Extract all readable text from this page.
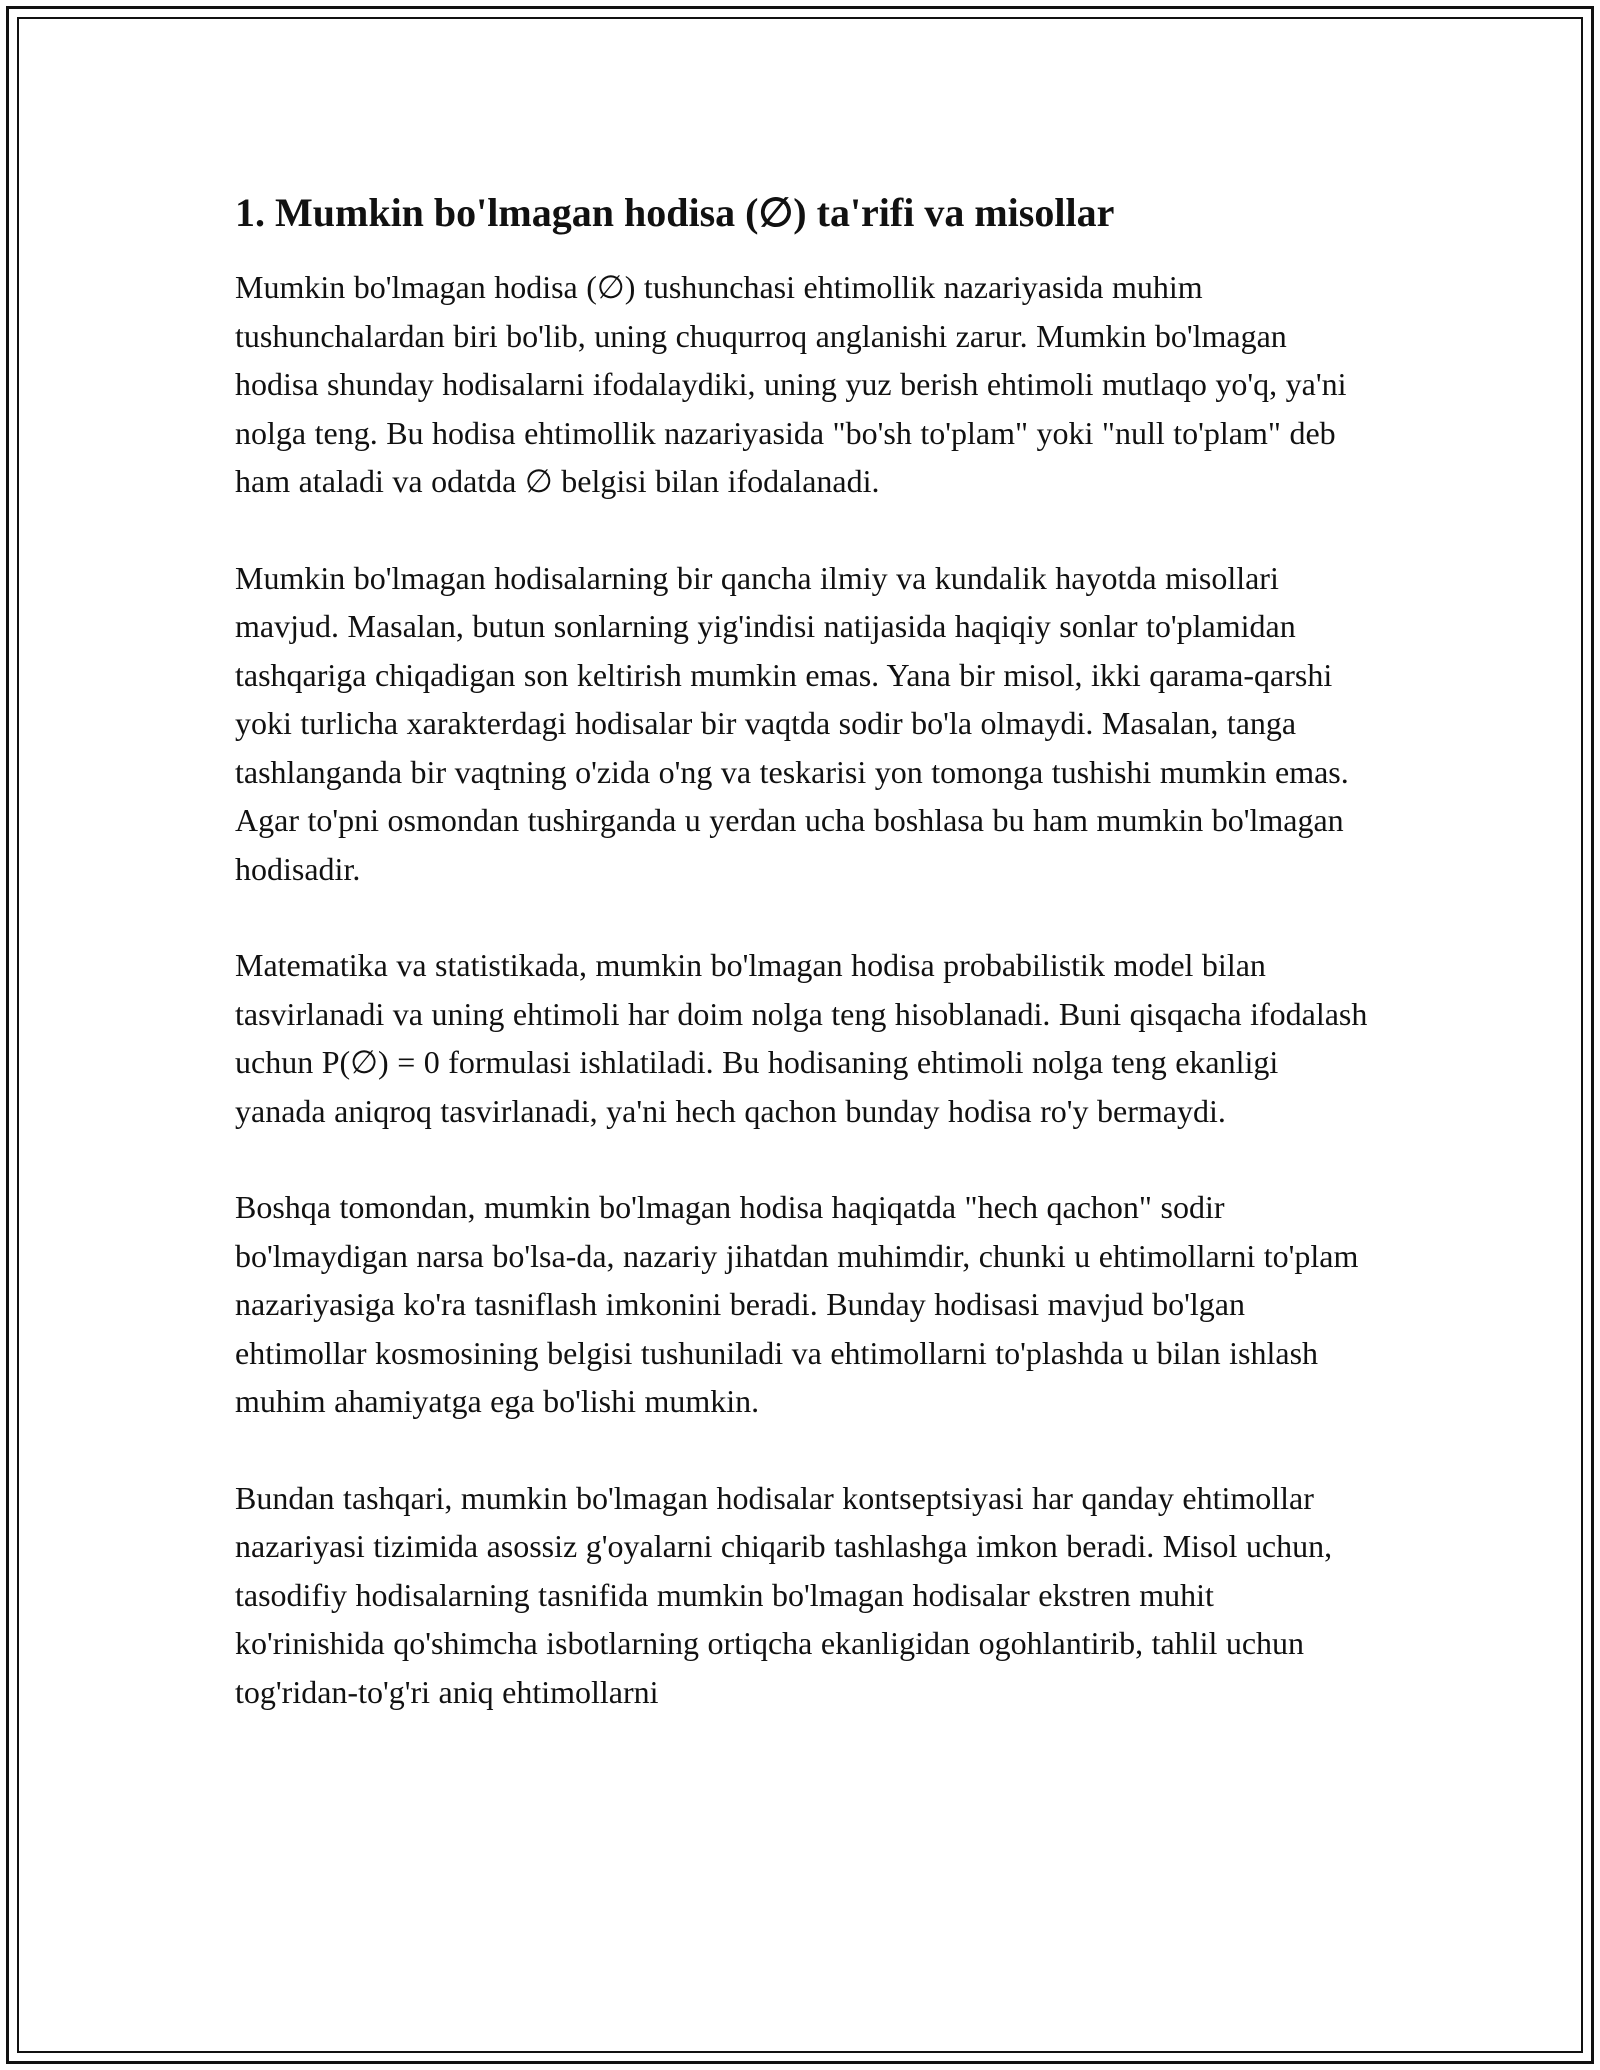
1. Mumkin bo'lmagan hodisa (∅) ta'rifi va misollar

Mumkin bo'lmagan hodisa (∅) tushunchasi ehtimollik nazariyasida muhim tushunchalardan biri bo'lib, uning chuqurroq anglanishi zarur. Mumkin bo'lmagan hodisa shunday hodisalarni ifodalaydiki, uning yuz berish ehtimoli mutlaqo yo'q, ya'ni nolga teng. Bu hodisa ehtimollik nazariyasida "bo'sh to'plam" yoki "null to'plam" deb ham ataladi va odatda ∅ belgisi bilan ifodalanadi.

Mumkin bo'lmagan hodisalarning bir qancha ilmiy va kundalik hayotda misollari mavjud. Masalan, butun sonlarning yig'indisi natijasida haqiqiy sonlar to'plamidan tashqariga chiqadigan son keltirish mumkin emas. Yana bir misol, ikki qarama-qarshi yoki turlicha xarakterdagi hodisalar bir vaqtda sodir bo'la olmaydi. Masalan, tanga tashlanganda bir vaqtning o'zida o'ng va teskarisi yon tomonga tushishi mumkin emas. Agar to'pni osmondan tushirganda u yerdan ucha boshlasa bu ham mumkin bo'lmagan hodisadir.

Matematika va statistikada, mumkin bo'lmagan hodisa probabilistik model bilan tasvirlanadi va uning ehtimoli har doim nolga teng hisoblanadi. Buni qisqacha ifodalash uchun P(∅) = 0 formulasi ishlatiladi. Bu hodisaning ehtimoli nolga teng ekanligi yanada aniqroq tasvirlanadi, ya'ni hech qachon bunday hodisa ro'y bermaydi.

Boshqa tomondan, mumkin bo'lmagan hodisa haqiqatda "hech qachon" sodir bo'lmaydigan narsa bo'lsa-da, nazariy jihatdan muhimdir, chunki u ehtimollarni to'plam nazariyasiga ko'ra tasniflash imkonini beradi. Bunday hodisasi mavjud bo'lgan ehtimollar kosmosining belgisi tushuniladi va ehtimollarni to'plashda u bilan ishlash muhim ahamiyatga ega bo'lishi mumkin.

Bundan tashqari, mumkin bo'lmagan hodisalar kontseptsiyasi har qanday ehtimollar nazariyasi tizimida asossiz g'oyalarni chiqarib tashlashga imkon beradi. Misol uchun, tasodifiy hodisalarning tasnifida mumkin bo'lmagan hodisalar ekstren muhit ko'rinishida qo'shimcha isbotlarning ortiqcha ekanligidan ogohlantirib, tahlil uchun tog'ridan-to'g'ri aniq ehtimollarni
